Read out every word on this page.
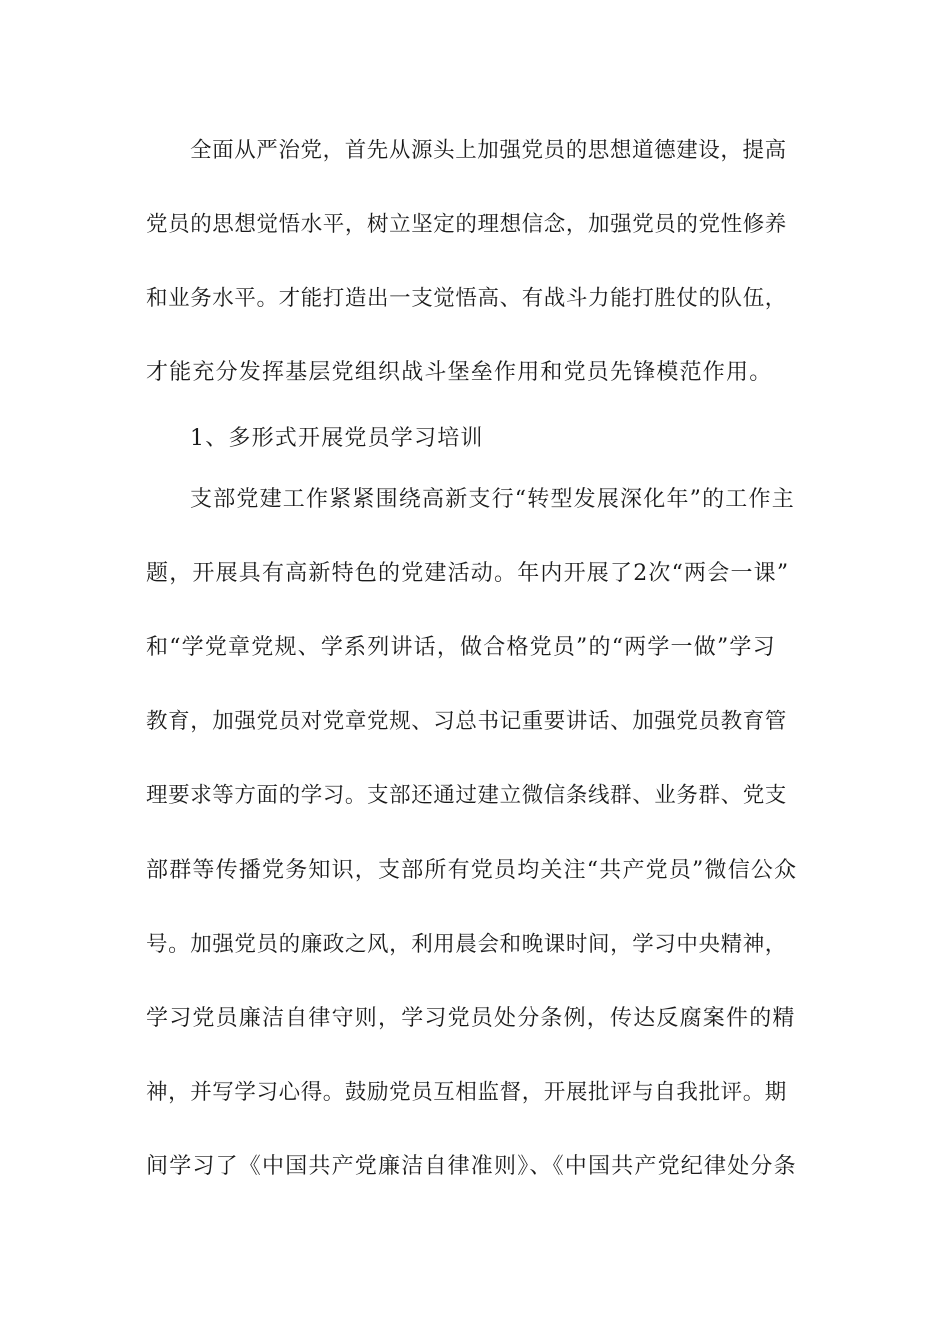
全面从严治党，首先从源头上加强党员的思想道德建设，提高
党员的思想觉悟水平，树立坚定的理想信念，加强党员的党性修养
和业务水平。才能打造出一支觉悟高、有战斗力能打胜仗的队伍，
才能充分发挥基层党组织战斗堡垒作用和党员先锋模范作用。
1、多形式开展党员学习培训
支部党建工作紧紧围绕高新支行“转型发展深化年”的工作主
题，开展具有高新特色的党建活动。年内开展了2次“两会一课”
和“学党章党规、学系列讲话，做合格党员”的“两学一做”学习
教育，加强党员对党章党规、习总书记重要讲话、加强党员教育管
理要求等方面的学习。支部还通过建立微信条线群、业务群、党支
部群等传播党务知识，支部所有党员均关注“共产党员”微信公众
号。加强党员的廉政之风，利用晨会和晚课时间，学习中央精神，
学习党员廉洁自律守则，学习党员处分条例，传达反腐案件的精
神，并写学习心得。鼓励党员互相监督，开展批评与自我批评。期
间学习了《中国共产党廉洁自律准则》、《中国共产党纪律处分条
